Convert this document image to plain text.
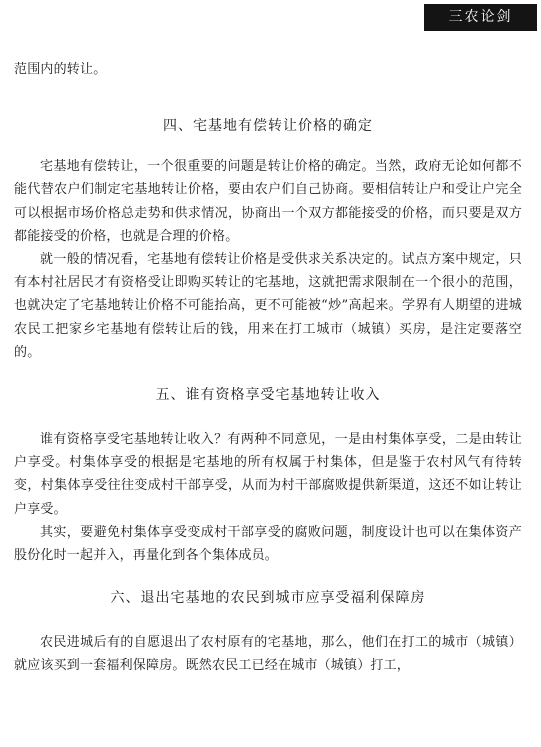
三农论剑

范围内的转让。

四、宅基地有偿转让价格的确定

宅基地有偿转让，一个很重要的问题是转让价格的确定。当然，政府无论如何都不能代替农户们制定宅基地转让价格，要由农户们自己协商。要相信转让户和受让户完全可以根据市场价格总走势和供求情况，协商出一个双方都能接受的价格，而只要是双方都能接受的价格，也就是合理的价格。

就一般的情况看，宅基地有偿转让价格是受供求关系决定的。试点方案中规定，只有本村社居民才有资格受让即购买转让的宅基地，这就把需求限制在一个很小的范围，也就决定了宅基地转让价格不可能抬高，更不可能被“炒”高起来。学界有人期望的进城农民工把家乡宅基地有偿转让后的钱，用来在打工城市（城镇）买房，是注定要落空的。

五、谁有资格享受宅基地转让收入

谁有资格享受宅基地转让收入？有两种不同意见，一是由村集体享受，二是由转让户享受。村集体享受的根据是宅基地的所有权属于村集体，但是鉴于农村风气有待转变，村集体享受往往变成村干部享受，从而为村干部腐败提供新渠道，这还不如让转让户享受。

其实，要避免村集体享受变成村干部享受的腐败问题，制度设计也可以在集体资产股份化时一起并入，再量化到各个集体成员。

六、退出宅基地的农民到城市应享受福利保障房

农民进城后有的自愿退出了农村原有的宅基地，那么，他们在打工的城市（城镇）就应该买到一套福利保障房。既然农民工已经在城市（城镇）打工，
